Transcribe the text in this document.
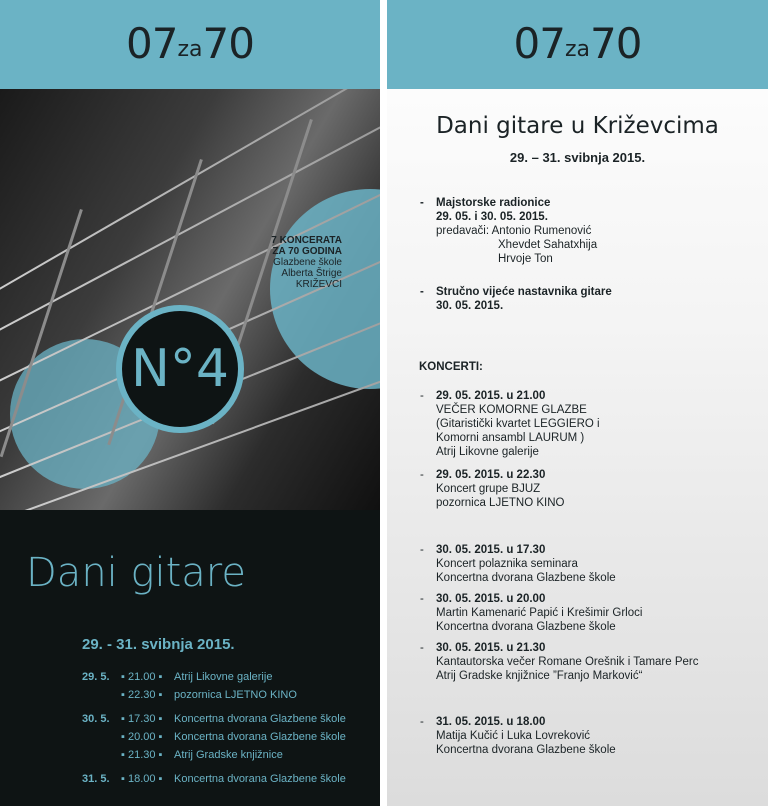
07za70
7 KONCERATA
ZA 70 GODINA
Glazbene škole
Alberta Štrige
KRIŽEVCI
N°4
Dani gitare
29. - 31. svibnja 2015.
29. 5. ▪ 21.00 ▪ Atrij Likovne galerije
▪ 22.30 ▪ pozornica LJETNO KINO
30. 5. ▪ 17.30 ▪ Koncertna dvorana Glazbene škole
▪ 20.00 ▪ Koncertna dvorana Glazbene škole
▪ 21.30 ▪ Atrij Gradske knjižnice
31. 5. ▪ 18.00 ▪ Koncertna dvorana Glazbene škole
07za70
Dani gitare u Križevcima
29. – 31. svibnja 2015.
- Majstorske radionice
29. 05. i 30. 05. 2015.
predavači: Antonio Rumenović
Xhevdet Sahatxhija
Hrvoje Ton
- Stručno vijeće nastavnika gitare
30. 05. 2015.
KONCERTI:
- 29. 05. 2015. u 21.00
VEČER KOMORNE GLAZBE
(Gitaristički kvartet LEGGIERO i
Komorni ansambl LAURUM )
Atrij Likovne galerije
- 29. 05. 2015. u 22.30
Koncert grupe BJUZ
pozornica LJETNO KINO
- 30. 05. 2015. u 17.30
Koncert polaznika seminara
Koncertna dvorana Glazbene škole
- 30. 05. 2015. u 20.00
Martin Kamenarić Papić i Krešimir Grloci
Koncertna dvorana Glazbene škole
- 30. 05. 2015. u 21.30
Kantautorska večer Romane Orešnik i Tamare Perc
Atrij Gradske knjižnice ”Franjo Marković“
- 31. 05. 2015. u 18.00
Matija Kučić i Luka Lovreković
Koncertna dvorana Glazbene škole
